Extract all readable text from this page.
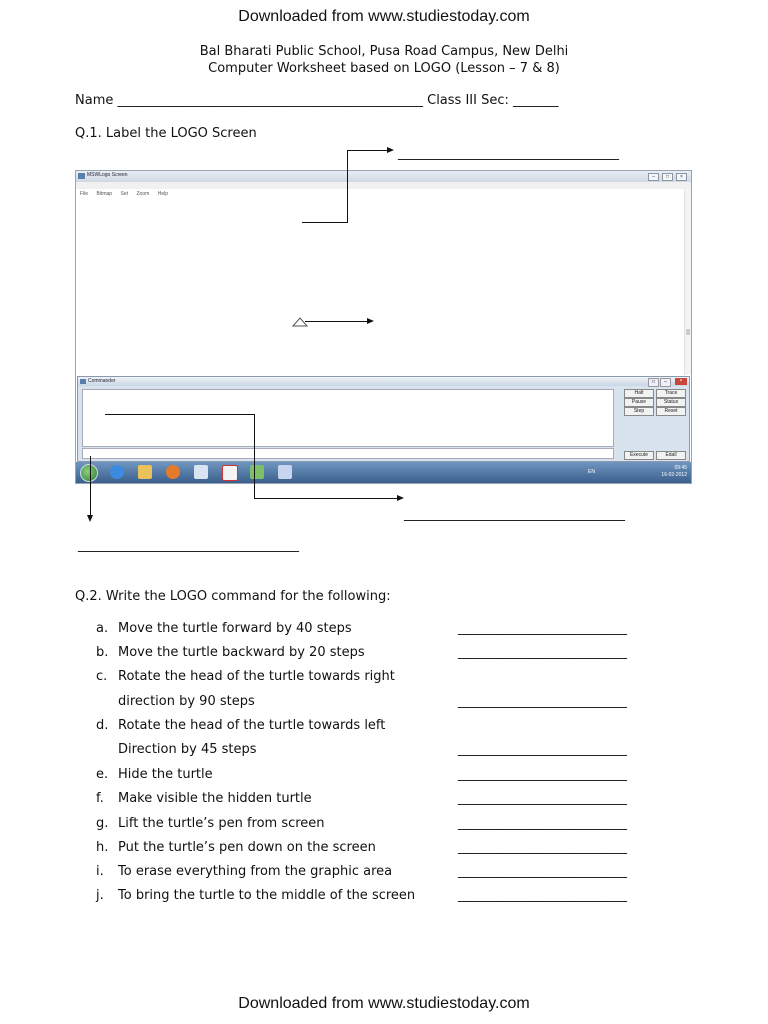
Downloaded from www.studiestoday.com
Bal Bharati Public School, Pusa Road Campus, New Delhi
Computer Worksheet based on LOGO (Lesson – 7 & 8)
Name _______________________________________________ Class III Sec: _______
Q.1. Label the LOGO Screen
MSWLogo Screen	–	□	×
File Bitmap Set Zoom Help
Commander	□	–	×
Halt	Trace
Pause	Status
Step	Reset
Execute	Edall
EN
09:45
16-02-2012
__________________________________
__________________________________
__________________________________
Q.2. Write the LOGO command for the following:
a. Move the turtle forward by 40 steps	__________________________
b. Move the turtle backward by 20 steps	__________________________
c. Rotate the head of the turtle towards right
direction by 90 steps	__________________________
d. Rotate the head of the turtle towards left
Direction by 45 steps	__________________________
e. Hide the turtle	__________________________
f. Make visible the hidden turtle	__________________________
g. Lift the turtle’s pen from screen	__________________________
h. Put the turtle’s pen down on the screen	__________________________
i. To erase everything from the graphic area	__________________________
j. To bring the turtle to the middle of the screen	__________________________
Downloaded from www.studiestoday.com
